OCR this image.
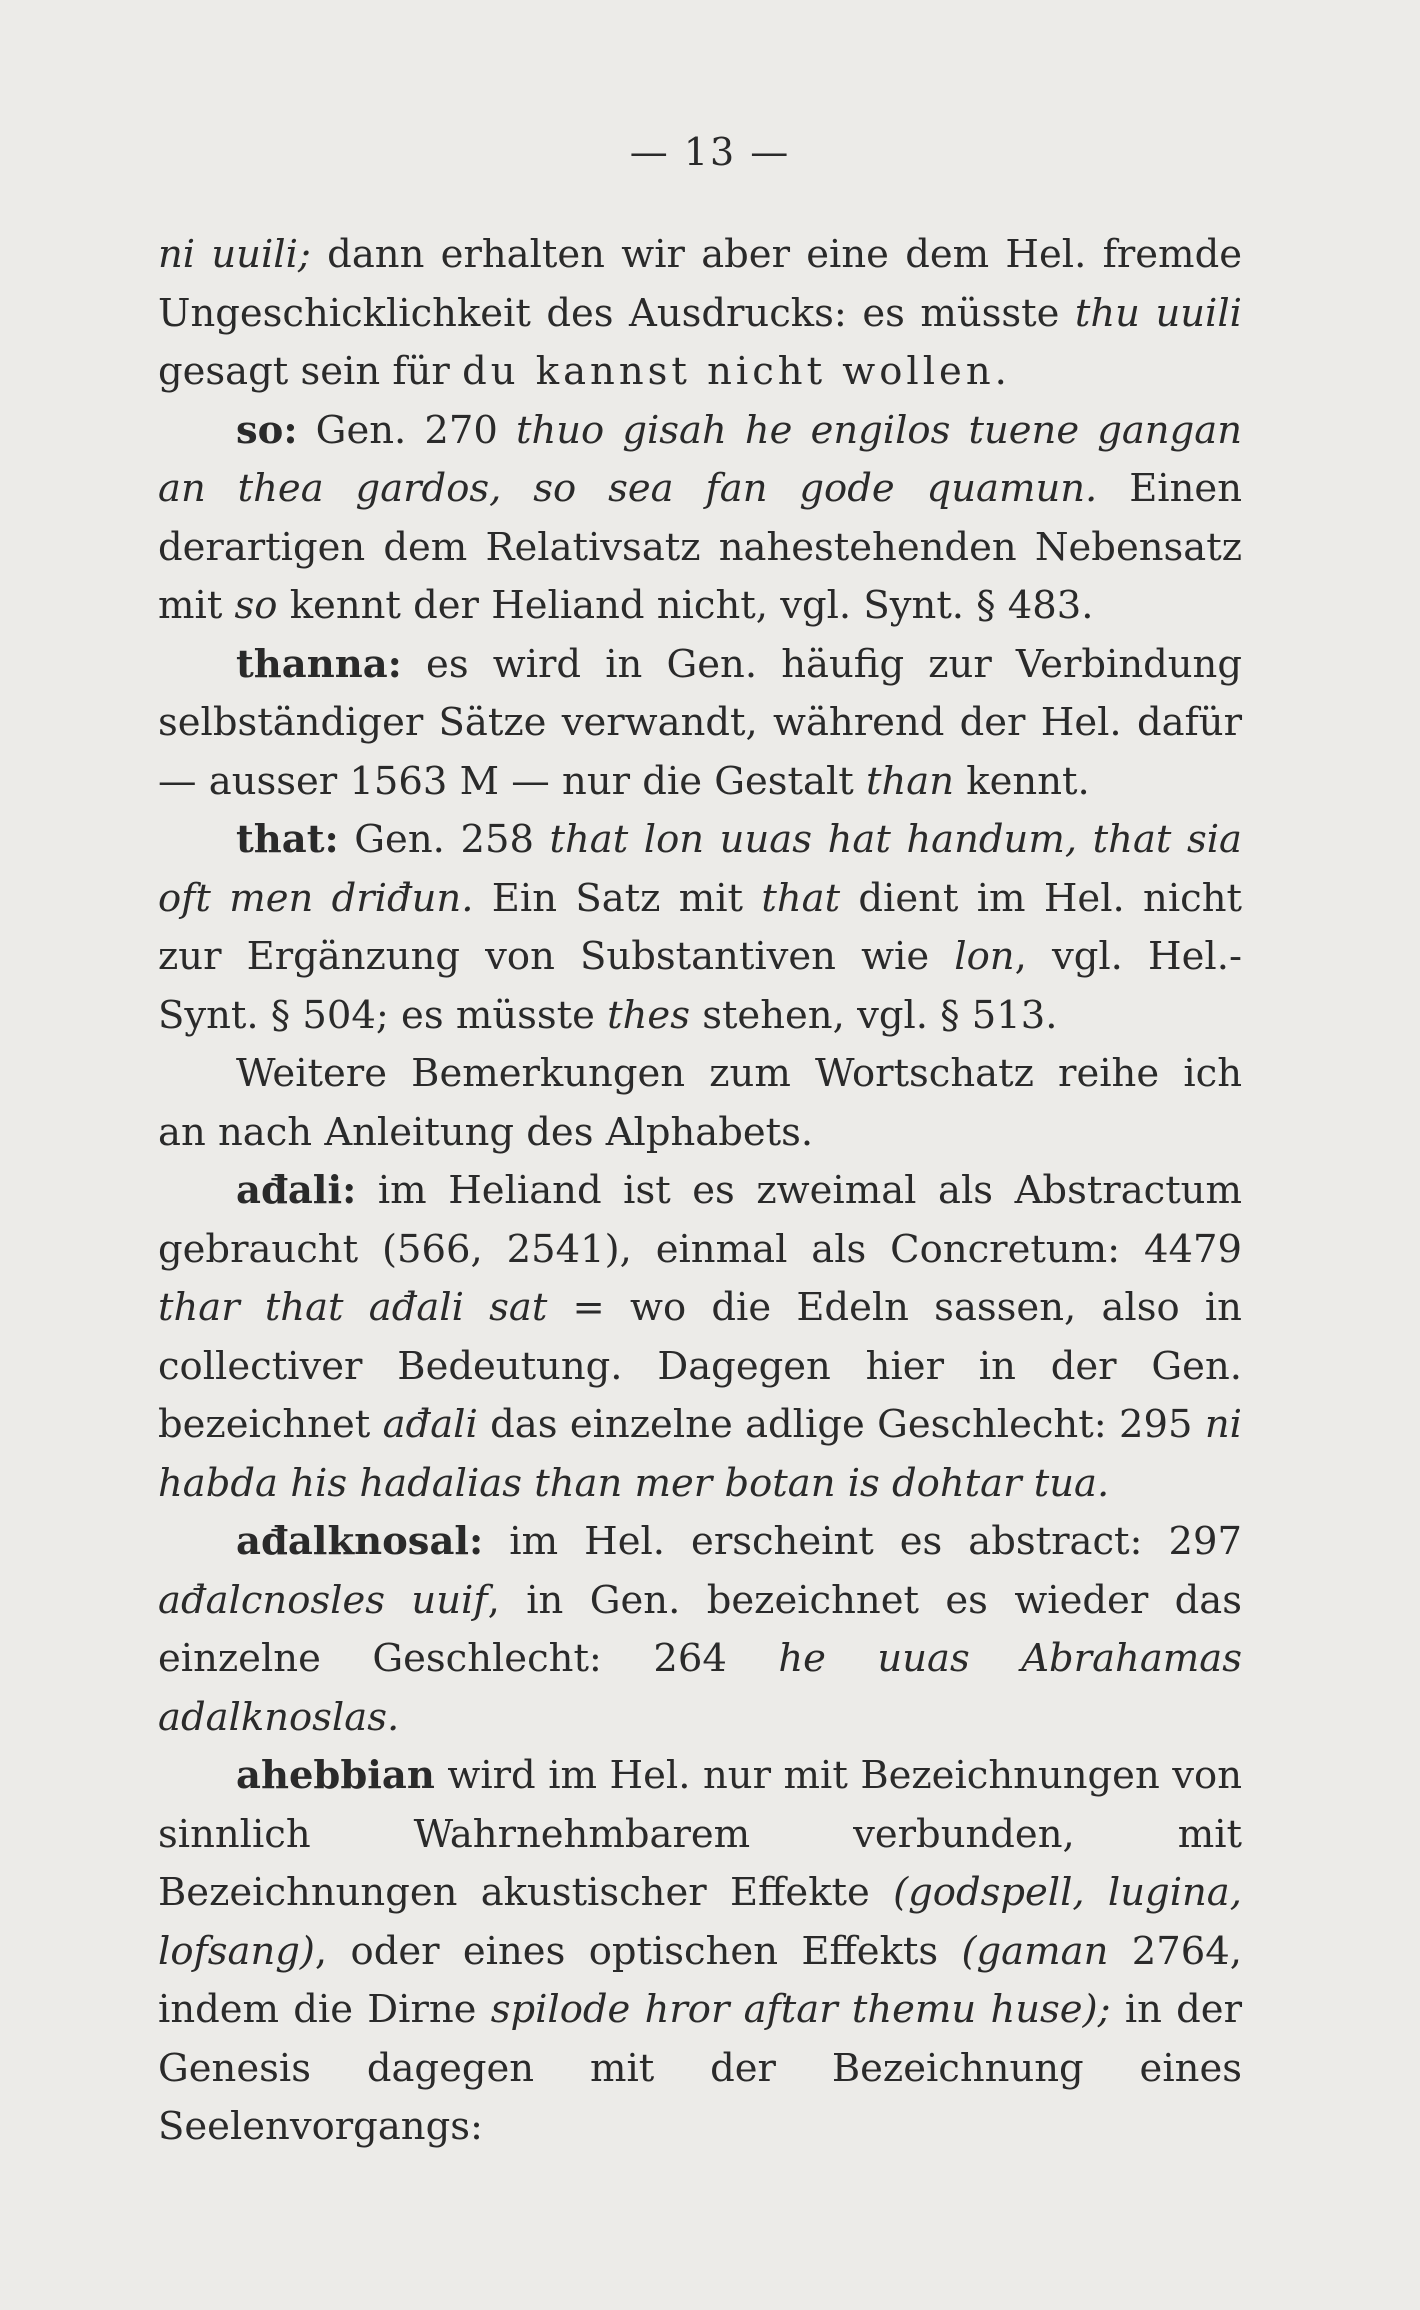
— 13 —

ni uuili; dann erhalten wir aber eine dem Hel. fremde Ungeschicklichkeit des Ausdrucks: es müsste thu uuili gesagt sein für du kannst nicht wollen.

so: Gen. 270 thuo gisah he engilos tuene gangan an thea gardos, so sea fan gode quamun. Einen derartigen dem Relativsatz nahestehenden Nebensatz mit so kennt der Heliand nicht, vgl. Synt. § 483.

thanna: es wird in Gen. häufig zur Verbindung selbständiger Sätze verwandt, während der Hel. dafür — ausser 1563 M — nur die Gestalt than kennt.

that: Gen. 258 that lon uuas hat handum, that sia oft men driđun. Ein Satz mit that dient im Hel. nicht zur Ergänzung von Substantiven wie lon, vgl. Hel.-Synt. § 504; es müsste thes stehen, vgl. § 513.

Weitere Bemerkungen zum Wortschatz reihe ich an nach Anleitung des Alphabets.

ađali: im Heliand ist es zweimal als Abstractum gebraucht (566, 2541), einmal als Concretum: 4479 thar that ađali sat = wo die Edeln sassen, also in collectiver Bedeutung. Dagegen hier in der Gen. bezeichnet ađali das einzelne adlige Geschlecht: 295 ni habda his hadalias than mer botan is dohtar tua.

ađalknosal: im Hel. erscheint es abstract: 297 ađalcnosles uuif, in Gen. bezeichnet es wieder das einzelne Geschlecht: 264 he uuas Abrahamas adalknoslas.

ahebbian wird im Hel. nur mit Bezeichnungen von sinnlich Wahrnehmbarem verbunden, mit Bezeichnungen akustischer Effekte (godspell, lugina, lofsang), oder eines optischen Effekts (gaman 2764, indem die Dirne spilode hror aftar themu huse); in der Genesis dagegen mit der Bezeichnung eines Seelenvorgangs:
